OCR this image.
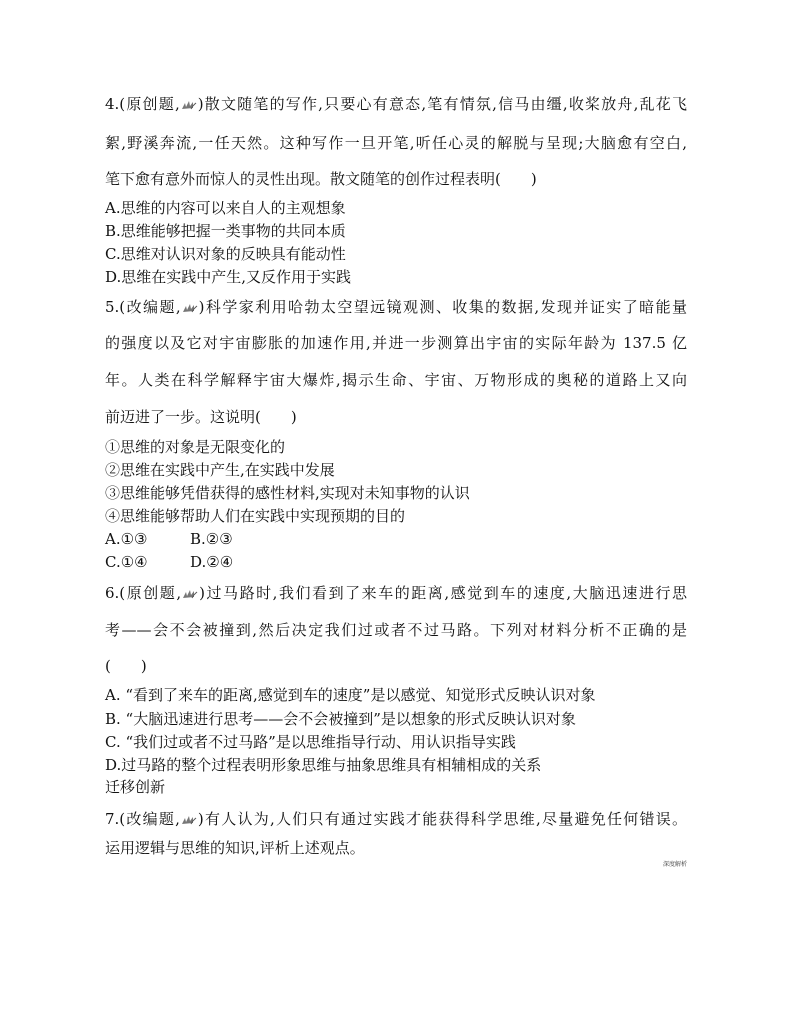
4.(原创题, )散文随笔的写作,只要心有意态,笔有情氛,信马由缰,收桨放舟,乱花飞
絮,野溪奔流,一任天然。这种写作一旦开笔,听任心灵的解脱与呈现;大脑愈有空白,
笔下愈有意外而惊人的灵性出现。散文随笔的创作过程表明(　　)
A.思维的内容可以来自人的主观想象
B.思维能够把握一类事物的共同本质
C.思维对认识对象的反映具有能动性
D.思维在实践中产生,又反作用于实践
5.(改编题, )科学家利用哈勃太空望远镜观测、收集的数据,发现并证实了暗能量
的强度以及它对宇宙膨胀的加速作用,并进一步测算出宇宙的实际年龄为 137.5 亿
年。人类在科学解释宇宙大爆炸,揭示生命、宇宙、万物形成的奥秘的道路上又向
前迈进了一步。这说明(　　)
①思维的对象是无限变化的
②思维在实践中产生,在实践中发展
③思维能够凭借获得的感性材料,实现对未知事物的认识
④思维能够帮助人们在实践中实现预期的目的
A.①③	B.②③
C.①④	D.②④
6.(原创题, )过马路时,我们看到了来车的距离,感觉到车的速度,大脑迅速进行思
考——会不会被撞到,然后决定我们过或者不过马路。下列对材料分析不正确的是
(　　)
A. “看到了来车的距离,感觉到车的速度”是以感觉、知觉形式反映认识对象
B. “大脑迅速进行思考——会不会被撞到”是以想象的形式反映认识对象
C. “我们过或者不过马路”是以思维指导行动、用认识指导实践
D.过马路的整个过程表明形象思维与抽象思维具有相辅相成的关系
迁移创新
7.(改编题, )有人认为,人们只有通过实践才能获得科学思维,尽量避免任何错误。
运用逻辑与思维的知识,评析上述观点。
深度解析
